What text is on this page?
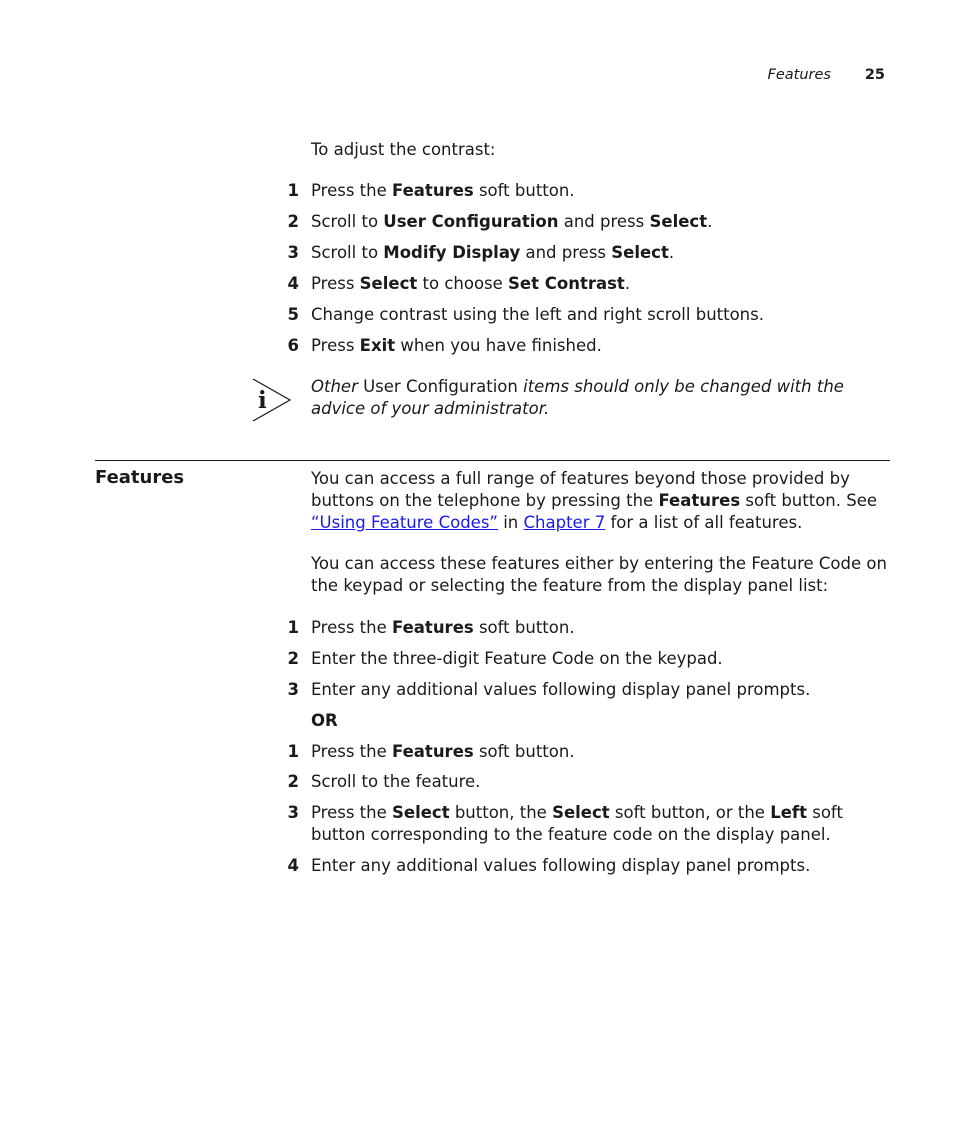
Features	25
To adjust the contrast:
1 Press the Features soft button.
2 Scroll to User Configuration and press Select.
3 Scroll to Modify Display and press Select.
4 Press Select to choose Set Contrast.
5 Change contrast using the left and right scroll buttons.
6 Press Exit when you have finished.
i
Other User Configuration items should only be changed with the advice of your administrator.
Features	You can access a full range of features beyond those provided by buttons on the telephone by pressing the Features soft button. See “Using Feature Codes” in Chapter 7 for a list of all features.
You can access these features either by entering the Feature Code on the keypad or selecting the feature from the display panel list:
1 Press the Features soft button.
2 Enter the three-digit Feature Code on the keypad.
3 Enter any additional values following display panel prompts.
OR
1 Press the Features soft button.
2 Scroll to the feature.
3 Press the Select button, the Select soft button, or the Left soft button corresponding to the feature code on the display panel.
4 Enter any additional values following display panel prompts.
